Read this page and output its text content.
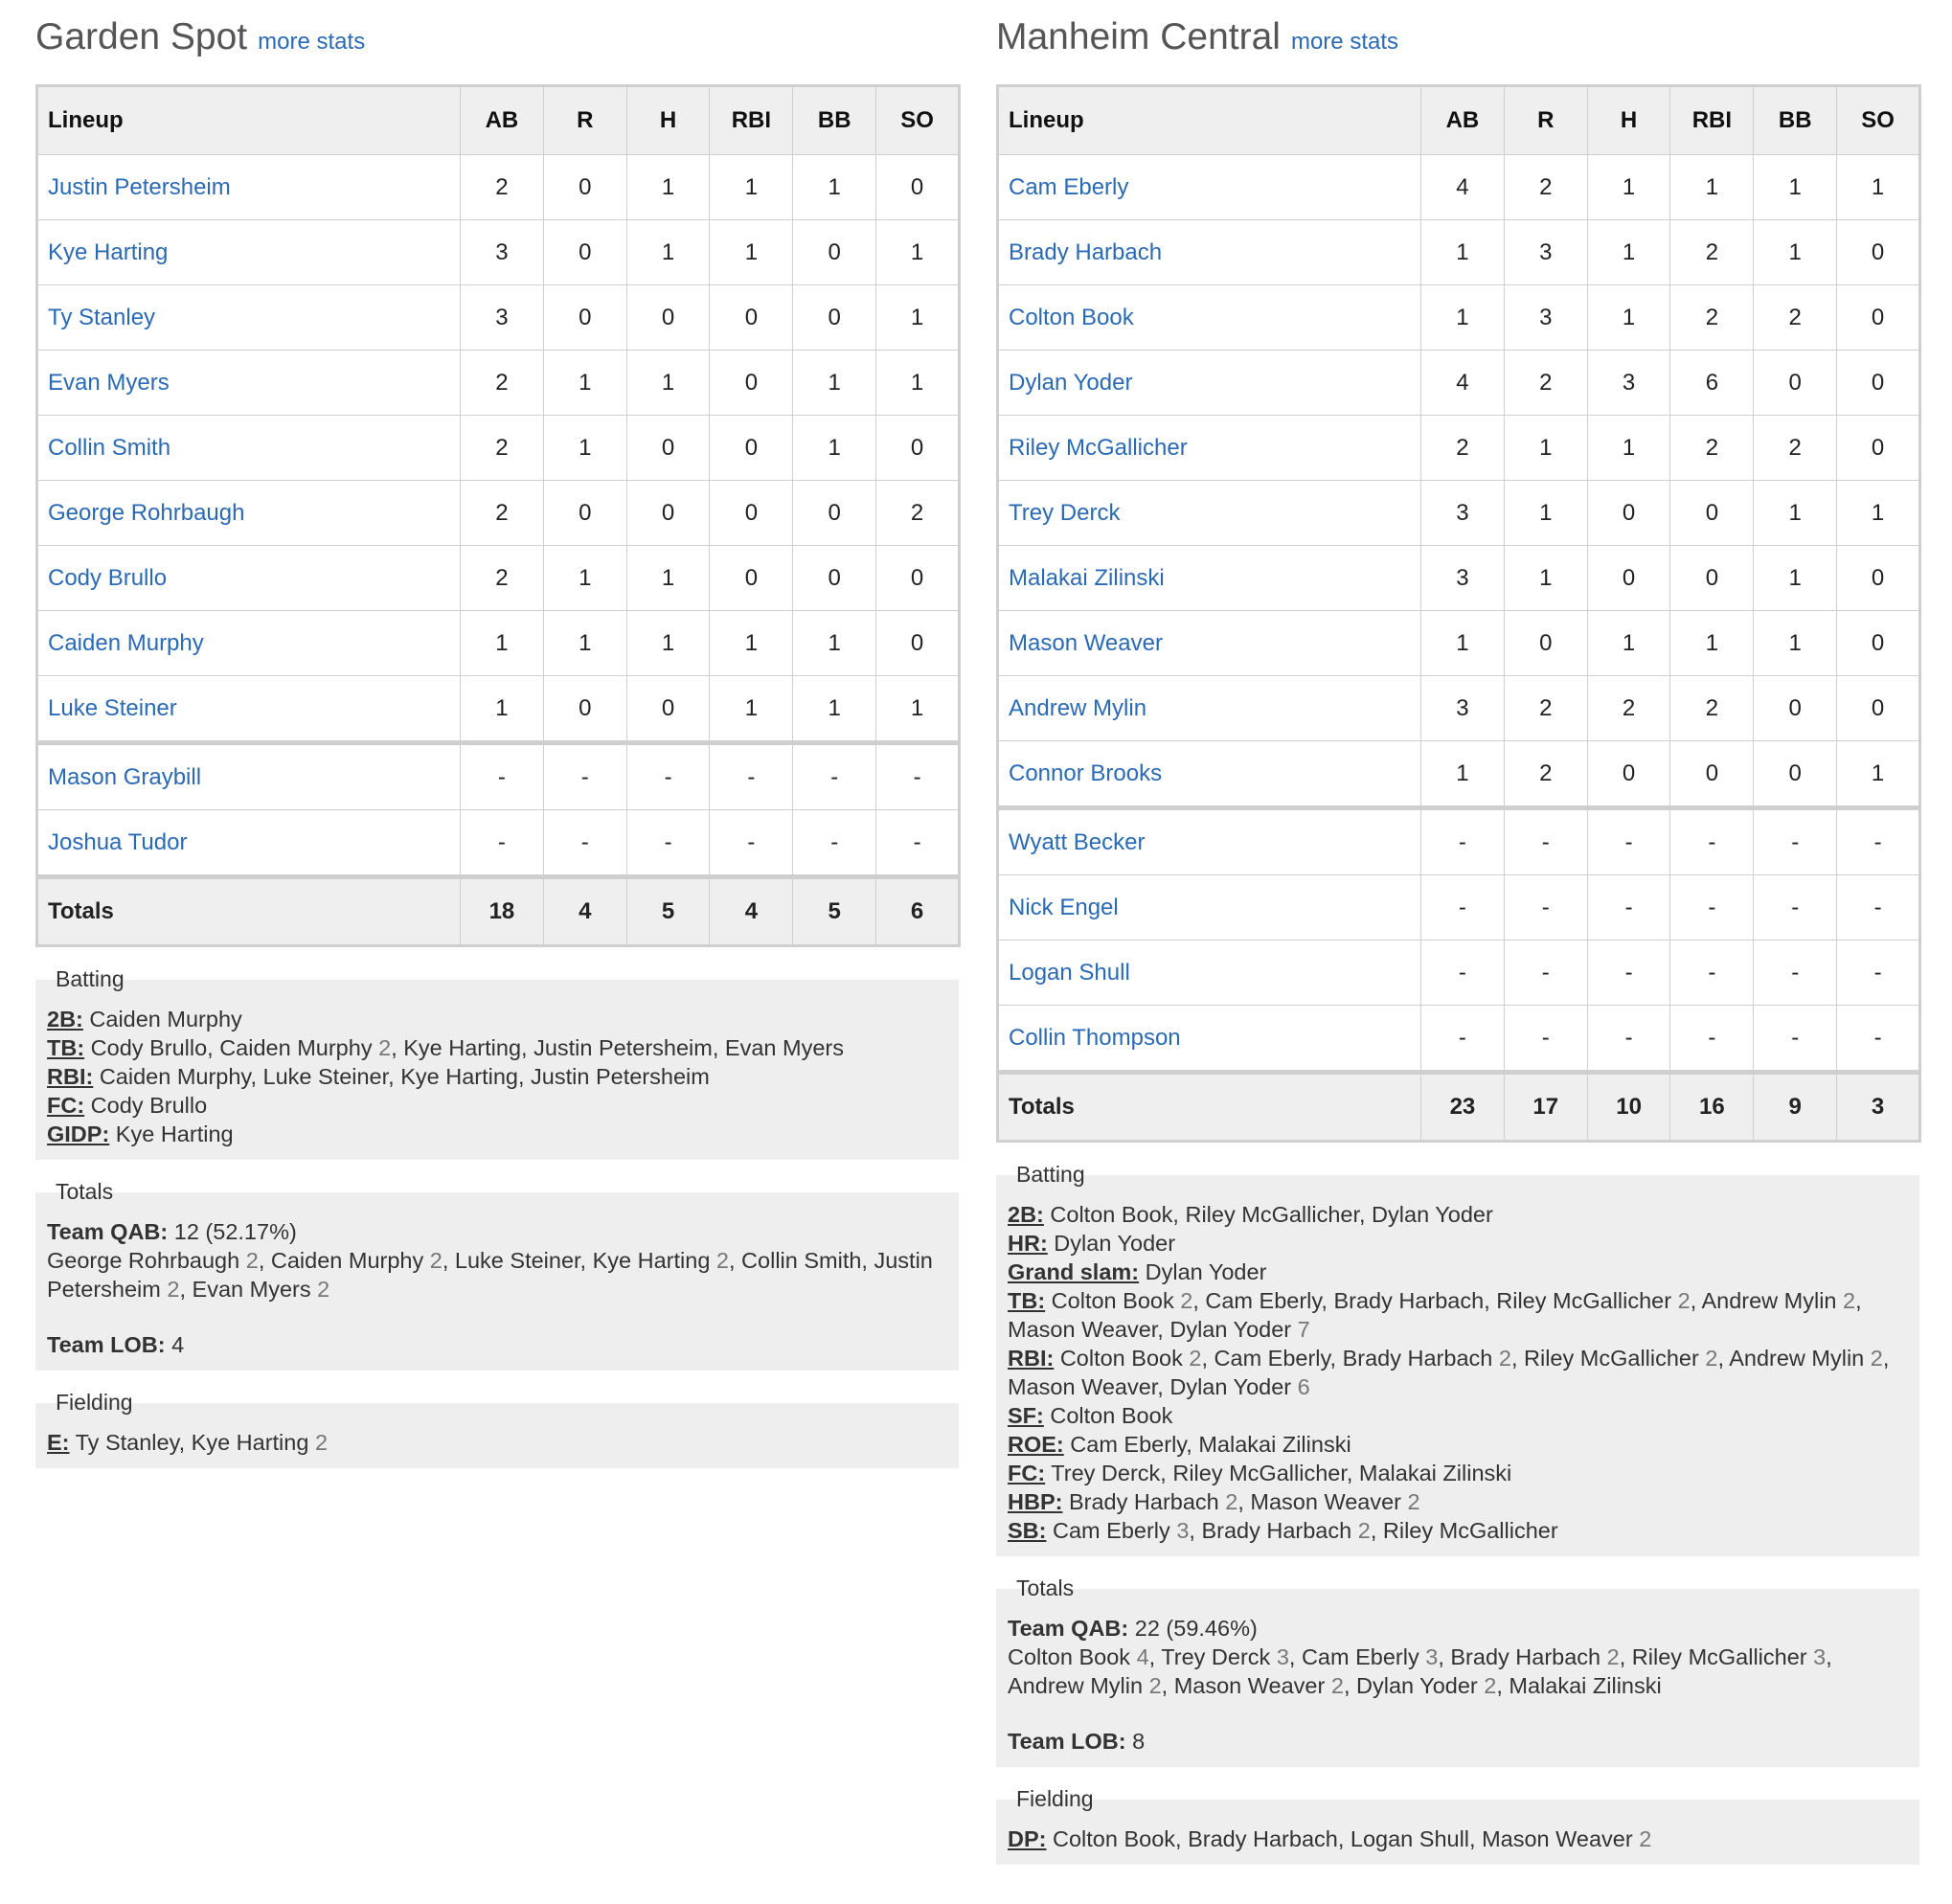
Garden Spot more stats
Lineup	AB	R	H	RBI	BB	SO
Justin Petersheim	2	0	1	1	1	0
Kye Harting	3	0	1	1	0	1
Ty Stanley	3	0	0	0	0	1
Evan Myers	2	1	1	0	1	1
Collin Smith	2	1	0	0	1	0
George Rohrbaugh	2	0	0	0	0	2
Cody Brullo	2	1	1	0	0	0
Caiden Murphy	1	1	1	1	1	0
Luke Steiner	1	0	0	1	1	1
Mason Graybill	-	-	-	-	-	-
Joshua Tudor	-	-	-	-	-	-
Totals	18	4	5	4	5	6
Batting
2B: Caiden Murphy
TB: Cody Brullo, Caiden Murphy 2, Kye Harting, Justin Petersheim, Evan Myers
RBI: Caiden Murphy, Luke Steiner, Kye Harting, Justin Petersheim
FC: Cody Brullo
GIDP: Kye Harting
Totals
Team QAB: 12 (52.17%)
George Rohrbaugh 2, Caiden Murphy 2, Luke Steiner, Kye Harting 2, Collin Smith, Justin Petersheim 2, Evan Myers 2
Team LOB: 4
Fielding
E: Ty Stanley, Kye Harting 2
Manheim Central more stats
Lineup	AB	R	H	RBI	BB	SO
Cam Eberly	4	2	1	1	1	1
Brady Harbach	1	3	1	2	1	0
Colton Book	1	3	1	2	2	0
Dylan Yoder	4	2	3	6	0	0
Riley McGallicher	2	1	1	2	2	0
Trey Derck	3	1	0	0	1	1
Malakai Zilinski	3	1	0	0	1	0
Mason Weaver	1	0	1	1	1	0
Andrew Mylin	3	2	2	2	0	0
Connor Brooks	1	2	0	0	0	1
Wyatt Becker	-	-	-	-	-	-
Nick Engel	-	-	-	-	-	-
Logan Shull	-	-	-	-	-	-
Collin Thompson	-	-	-	-	-	-
Totals	23	17	10	16	9	3
Batting
2B: Colton Book, Riley McGallicher, Dylan Yoder
HR: Dylan Yoder
Grand slam: Dylan Yoder
TB: Colton Book 2, Cam Eberly, Brady Harbach, Riley McGallicher 2, Andrew Mylin 2, Mason Weaver, Dylan Yoder 7
RBI: Colton Book 2, Cam Eberly, Brady Harbach 2, Riley McGallicher 2, Andrew Mylin 2, Mason Weaver, Dylan Yoder 6
SF: Colton Book
ROE: Cam Eberly, Malakai Zilinski
FC: Trey Derck, Riley McGallicher, Malakai Zilinski
HBP: Brady Harbach 2, Mason Weaver 2
SB: Cam Eberly 3, Brady Harbach 2, Riley McGallicher
Totals
Team QAB: 22 (59.46%)
Colton Book 4, Trey Derck 3, Cam Eberly 3, Brady Harbach 2, Riley McGallicher 3, Andrew Mylin 2, Mason Weaver 2, Dylan Yoder 2, Malakai Zilinski
Team LOB: 8
Fielding
DP: Colton Book, Brady Harbach, Logan Shull, Mason Weaver 2
